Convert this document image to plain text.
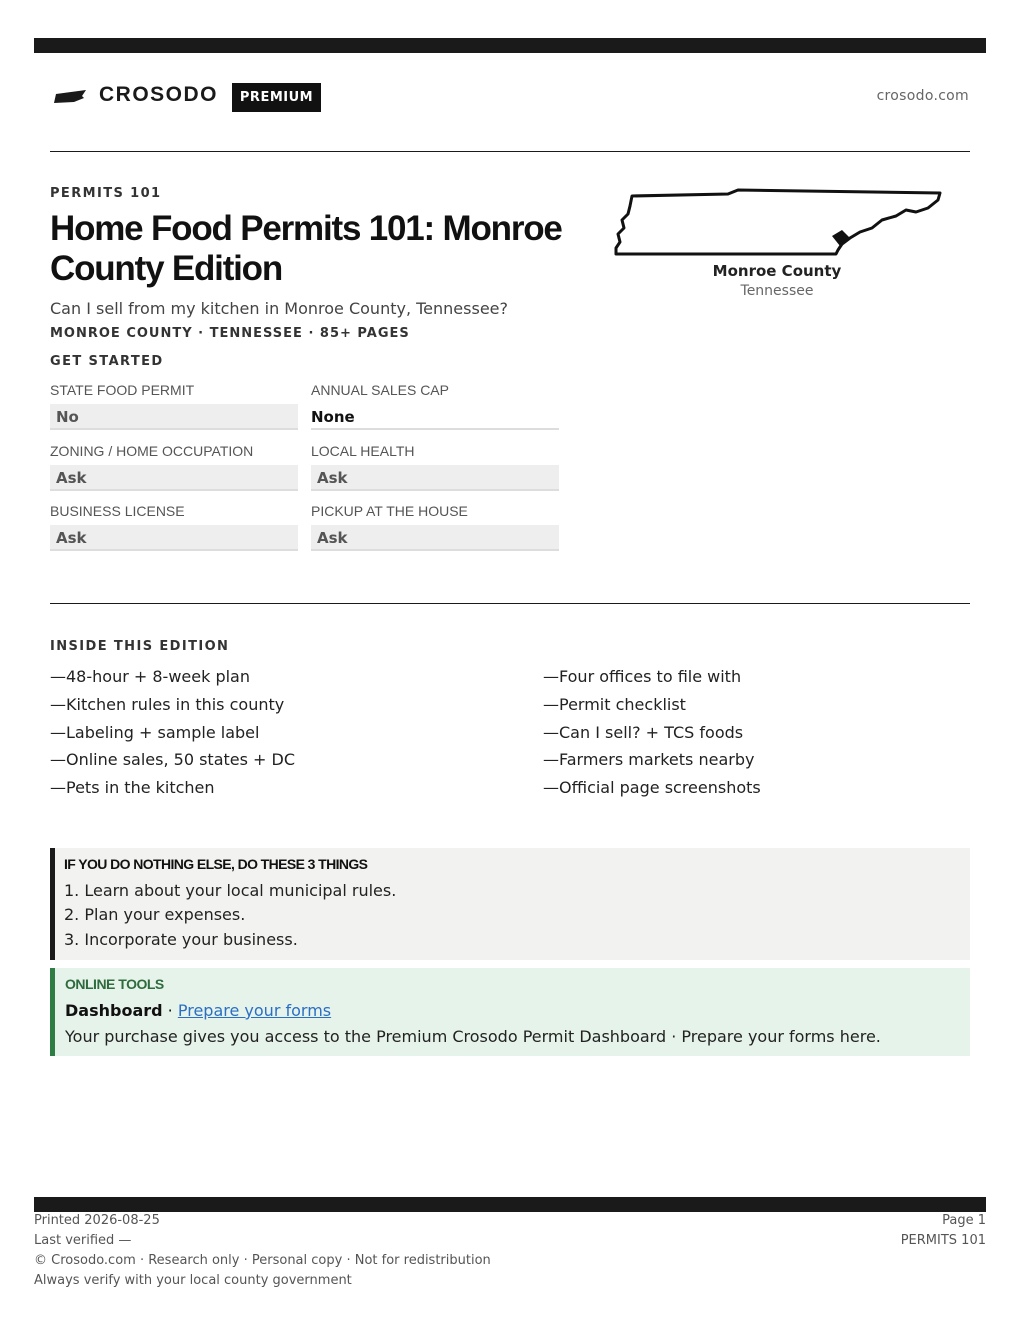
CROSODO	PREMIUM	crosodo.com
PERMITS 101
Home Food Permits 101: Monroe County Edition
Can I sell from my kitchen in Monroe County, Tennessee?
MONROE COUNTY · TENNESSEE · 85+ PAGES
Monroe County
Tennessee
GET STARTED
STATE FOOD PERMIT
No
ANNUAL SALES CAP
None
ZONING / HOME OCCUPATION
Ask
LOCAL HEALTH
Ask
BUSINESS LICENSE
Ask
PICKUP AT THE HOUSE
Ask
INSIDE THIS EDITION
—48-hour + 8-week plan
—Kitchen rules in this county
—Labeling + sample label
—Online sales, 50 states + DC
—Pets in the kitchen
—Four offices to file with
—Permit checklist
—Can I sell? + TCS foods
—Farmers markets nearby
—Official page screenshots
IF YOU DO NOTHING ELSE, DO THESE 3 THINGS
1. Learn about your local municipal rules.
2. Plan your expenses.
3. Incorporate your business.
ONLINE TOOLS
Dashboard · Prepare your forms
Your purchase gives you access to the Premium Crosodo Permit Dashboard · Prepare your forms here.
Printed 2026-08-25
Last verified —
© Crosodo.com · Research only · Personal copy · Not for redistribution
Always verify with your local county government
Page 1
PERMITS 101
